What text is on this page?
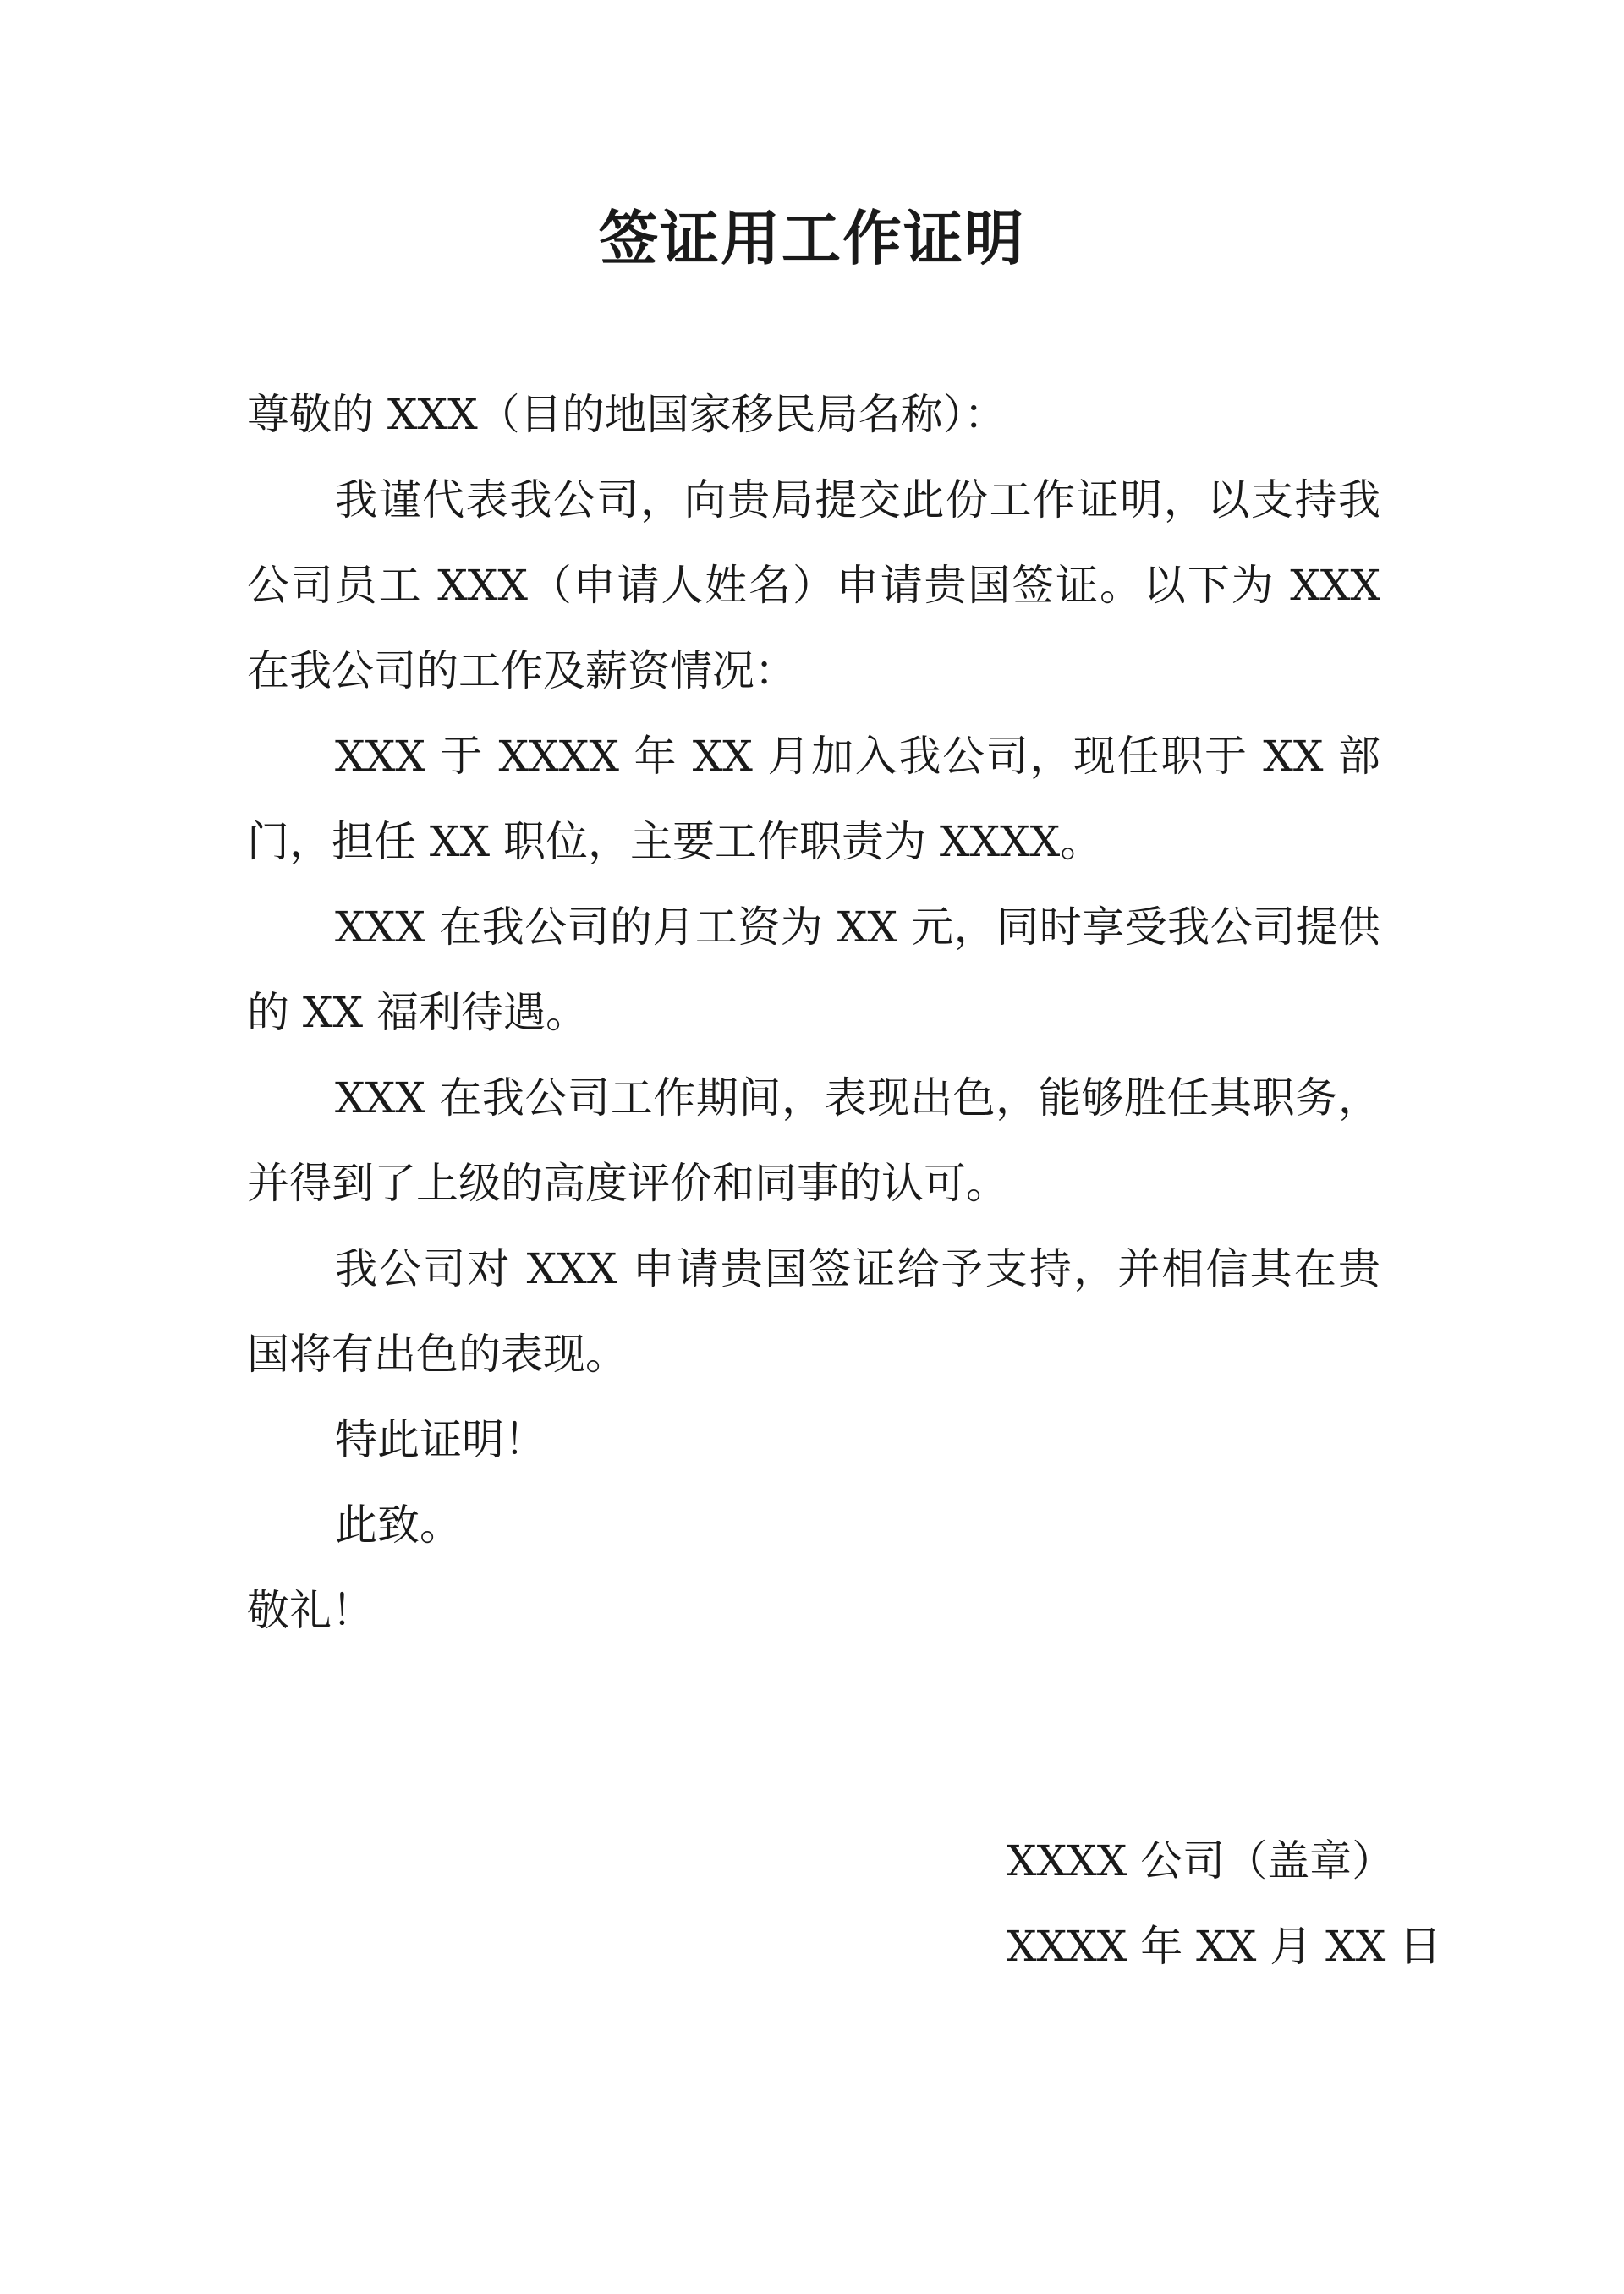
签证用工作证明

尊敬的 XXX（目的地国家移民局名称）：

我谨代表我公司，向贵局提交此份工作证明，以支持我公司员工 XXX（申请人姓名）申请贵国签证。以下为 XXX 在我公司的工作及薪资情况：

XXX 于 XXXX 年 XX 月加入我公司，现任职于 XX 部门，担任 XX 职位，主要工作职责为 XXXX。

XXX 在我公司的月工资为 XX 元，同时享受我公司提供的 XX 福利待遇。

XXX 在我公司工作期间，表现出色，能够胜任其职务，并得到了上级的高度评价和同事的认可。

我公司对 XXX 申请贵国签证给予支持，并相信其在贵国将有出色的表现。

特此证明！

此致。

敬礼！

XXXX 公司（盖章）

XXXX 年 XX 月 XX 日
